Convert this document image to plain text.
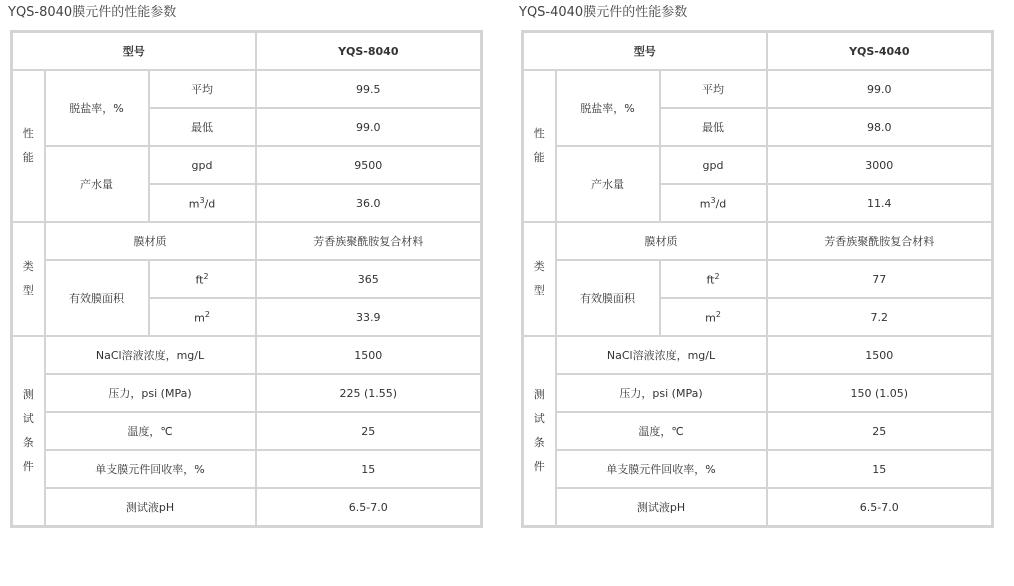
YQS-8040膜元件的性能参数
型号			YQS-8040

性
能	脱盐率，%	平均	99.5
		最低	99.0
	产水量	gpd	9500
		$m^3/d$	36.0

类
型	膜材质		芳香族聚酰胺复合材料
	有效膜面积	$ft^2$	365
		$m^2$	33.9

测
试
条
件	NaCl溶液浓度，mg/L		1500
	压力，psi (MPa)		225 (1.55)
	温度，℃		25
	单支膜元件回收率，%		15
	测试液pH		6.5-7.0
YQS-4040膜元件的性能参数
型号			YQS-4040

性
能	脱盐率，%	平均	99.0
		最低	98.0
	产水量	gpd	3000
		$m^3/d$	11.4

类
型	膜材质		芳香族聚酰胺复合材料
	有效膜面积	$ft^2$	77
		$m^2$	7.2

测
试
条
件	NaCl溶液浓度，mg/L		1500
	压力，psi (MPa)		150 (1.05)
	温度，℃		25
	单支膜元件回收率，%		15
	测试液pH		6.5-7.0
